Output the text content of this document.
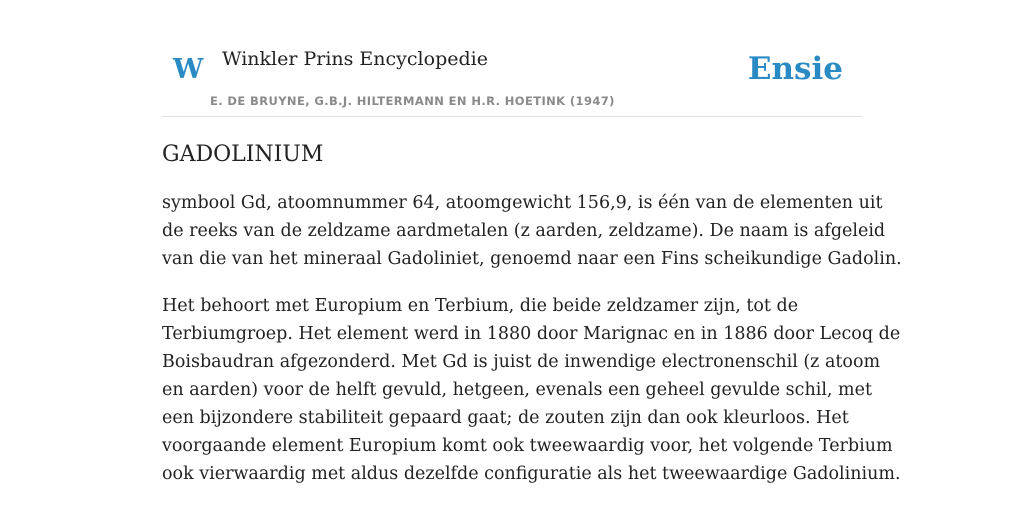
W Winkler Prins Encyclopedie
E. DE BRUYNE, G.B.J. HILTERMANN EN H.R. HOETINK (1947)
Ensie
GADOLINIUM

symbool Gd, atoomnummer 64, atoomgewicht 156,9, is één van de elementen uit
de reeks van de zeldzame aardmetalen (z aarden, zeldzame). De naam is afgeleid
van die van het mineraal Gadoliniet, genoemd naar een Fins scheikundige Gadolin.

Het behoort met Europium en Terbium, die beide zeldzamer zijn, tot de
Terbiumgroep. Het element werd in 1880 door Marignac en in 1886 door Lecoq de
Boisbaudran afgezonderd. Met Gd is juist de inwendige electronenschil (z atoom
en aarden) voor de helft gevuld, hetgeen, evenals een geheel gevulde schil, met
een bijzondere stabiliteit gepaard gaat; de zouten zijn dan ook kleurloos. Het
voorgaande element Europium komt ook tweewaardig voor, het volgende Terbium
ook vierwaardig met aldus dezelfde configuratie als het tweewaardige Gadolinium.
